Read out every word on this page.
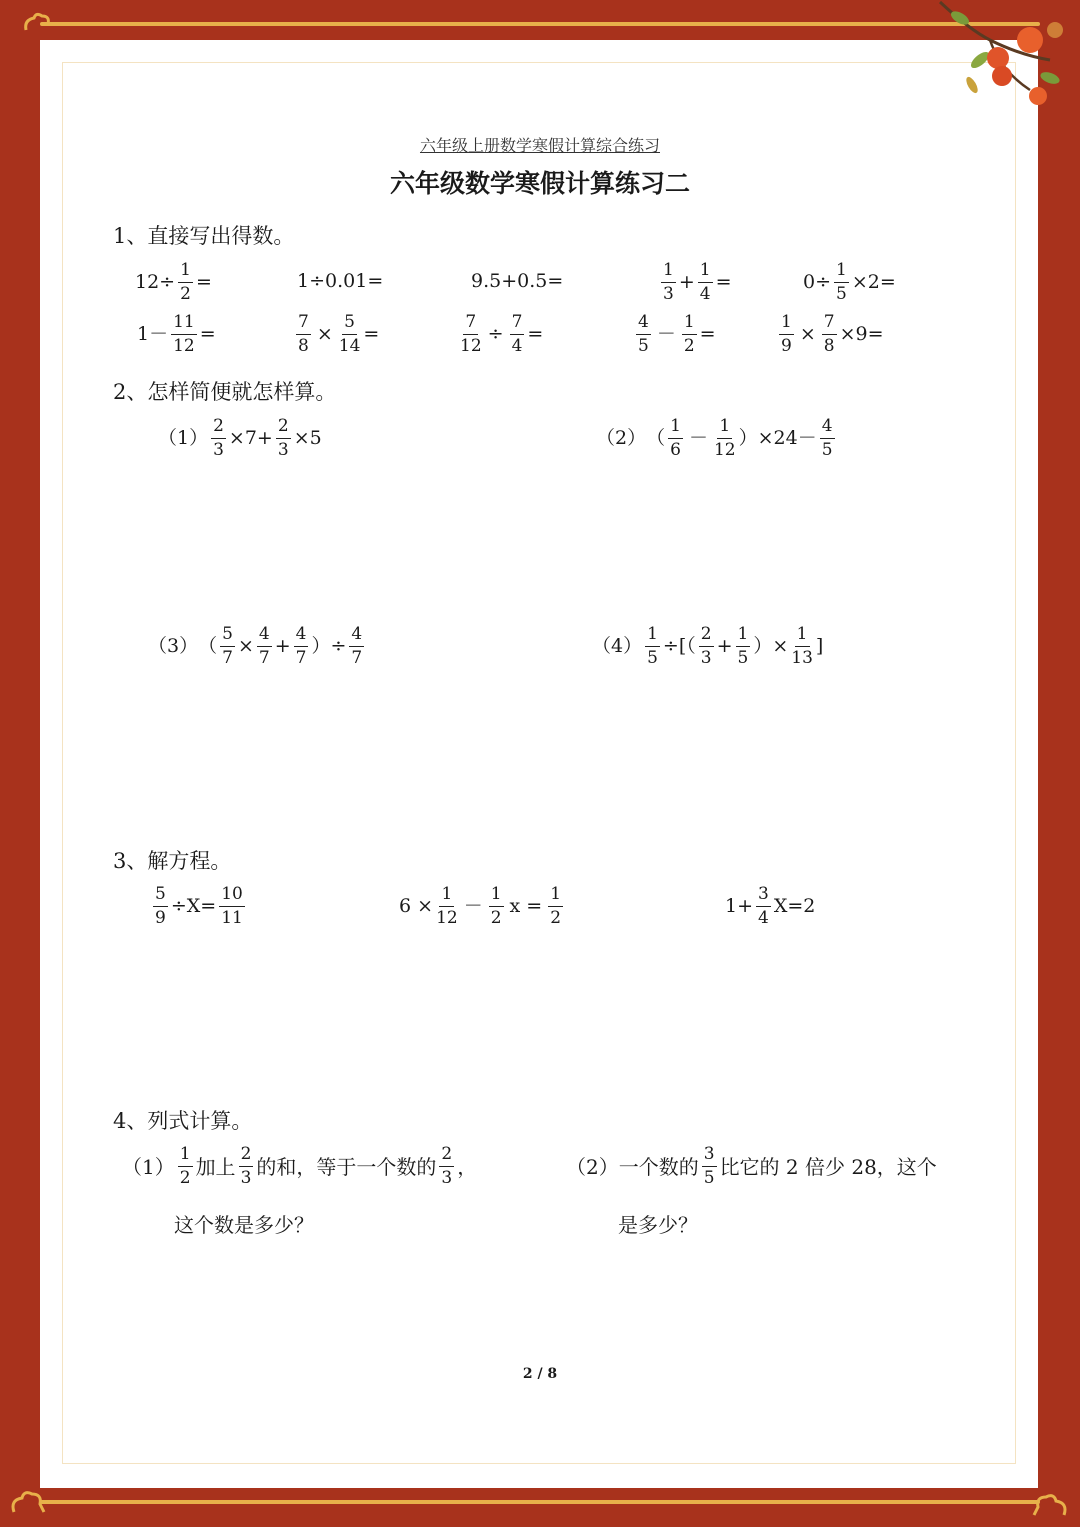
六年级上册数学寒假计算综合练习
六年级数学寒假计算练习二
1、直接写出得数。
$12\div \frac{1}{2}$ =	1÷0.01=	9.5+0.5=	$\frac{1}{3} + \frac{1}{4}$ =	$0\div \frac{1}{5} \times 2=$
$1- \frac{11}{12}$ =	$\frac{7}{8} \times \frac{5}{14}$ =	$\frac{7}{12} \div \frac{7}{4}$ =	$\frac{4}{5} - \frac{1}{2}$ =	$\frac{1}{9} \times \frac{7}{8} \times 9=$
2、怎样简便就怎样算。
$(1) \frac{2}{3} \times 7+ \frac{2}{3} \times 5$	（2） （ $\frac{1}{6} - \frac{1}{12} )\times 24- \frac{4}{5}$
（3） （ $\frac{5}{7} \times \frac{4}{7} + \frac{4}{7}$ ）÷ $\frac{4}{7}$	$(4) \frac{1}{5}$ ÷[（ $\frac{2}{3} + \frac{1}{5}$ ）× $\frac{1}{13}$ ]
3、解方程。
$\frac{5}{9} \div X= \frac{10}{11}$	$6 \times \frac{1}{12} - \frac{1}{2}$ $x = \frac{1}{2}$	$1+ \frac{3}{4} X=2$
4、列式计算。
$(1) \frac{1}{2}$ 加上 $\frac{2}{3}$ 的和，等于一个数的 $\frac{2}{3}$ ，
这个数是多少？
（2） 一个数的 $\frac{3}{5}$ 比它的 2 倍少 28，这个
是多少？
2 / 8
